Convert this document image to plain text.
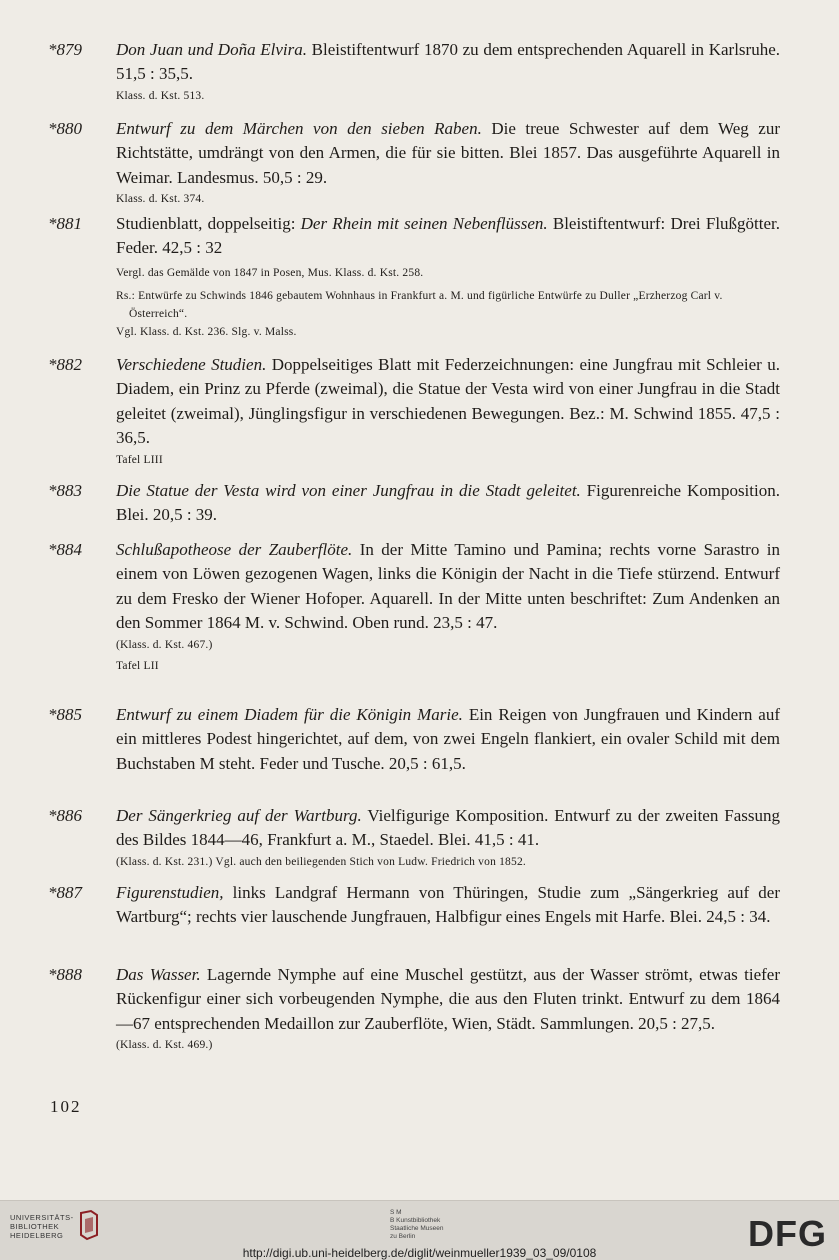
*879	Don Juan und Doña Elvira. Bleistiftentwurf 1870 zu dem entsprechenden Aquarell in Karlsruhe. 51,5 : 35,5.

Klass. d. Kst. 513.

*880	Entwurf zu dem Märchen von den sieben Raben. Die treue Schwester auf dem Weg zur Richtstätte, umdrängt von den Armen, die für sie bitten. Blei 1857. Das ausgeführte Aquarell in Weimar. Landesmus. 50,5 : 29.

Klass. d. Kst. 374.

*881	Studienblatt, doppelseitig: Der Rhein mit seinen Nebenflüssen. Bleistiftentwurf: Drei Flußgötter. Feder. 42,5 : 32

Vergl. das Gemälde von 1847 in Posen, Mus. Klass. d. Kst. 258.

Rs.: Entwürfe zu Schwinds 1846 gebautem Wohnhaus in Frankfurt a. M. und figürliche Entwürfe zu Duller „Erzherzog Carl v. Österreich“.

Vgl. Klass. d. Kst. 236. Slg. v. Malss.

*882	Verschiedene Studien. Doppelseitiges Blatt mit Federzeichnungen: eine Jungfrau mit Schleier u. Diadem, ein Prinz zu Pferde (zweimal), die Statue der Vesta wird von einer Jungfrau in die Stadt geleitet (zweimal), Jünglingsfigur in verschiedenen Bewegungen. Bez.: M. Schwind 1855. 47,5 : 36,5.

Tafel LIII

*883	Die Statue der Vesta wird von einer Jungfrau in die Stadt geleitet. Figurenreiche Komposition. Blei. 20,5 : 39.

*884	Schlußapotheose der Zauberflöte. In der Mitte Tamino und Pamina; rechts vorne Sarastro in einem von Löwen gezogenen Wagen, links die Königin der Nacht in die Tiefe stürzend. Entwurf zu dem Fresko der Wiener Hofoper. Aquarell. In der Mitte unten beschriftet: Zum Andenken an den Sommer 1864 M. v. Schwind. Oben rund. 23,5 : 47.

(Klass. d. Kst. 467.)

Tafel LII

*885	Entwurf zu einem Diadem für die Königin Marie. Ein Reigen von Jungfrauen und Kindern auf ein mittleres Podest hingerichtet, auf dem, von zwei Engeln flankiert, ein ovaler Schild mit dem Buchstaben M steht. Feder und Tusche. 20,5 : 61,5.

*886	Der Sängerkrieg auf der Wartburg. Vielfigurige Komposition. Entwurf zu der zweiten Fassung des Bildes 1844—46, Frankfurt a. M., Staedel. Blei. 41,5 : 41.

(Klass. d. Kst. 231.) Vgl. auch den beiliegenden Stich von Ludw. Friedrich von 1852.

*887	Figurenstudien, links Landgraf Hermann von Thüringen, Studie zum „Sängerkrieg auf der Wartburg“; rechts vier lauschende Jungfrauen, Halbfigur eines Engels mit Harfe. Blei. 24,5 : 34.

*888	Das Wasser. Lagernde Nymphe auf eine Muschel gestützt, aus der Wasser strömt, etwas tiefer Rückenfigur einer sich vorbeugenden Nymphe, die aus den Fluten trinkt. Entwurf zu dem 1864—67 entsprechenden Medaillon zur Zauberflöte, Wien, Städt. Sammlungen. 20,5 : 27,5.

(Klass. d. Kst. 469.)

102
UNIVERSITÄTS-
BIBLIOTHEK
HEIDELBERG
S M
B Kunstbibliothek
Staatliche Museen
zu Berlin	DFG
http://digi.ub.uni-heidelberg.de/diglit/weinmueller1939_03_09/0108
